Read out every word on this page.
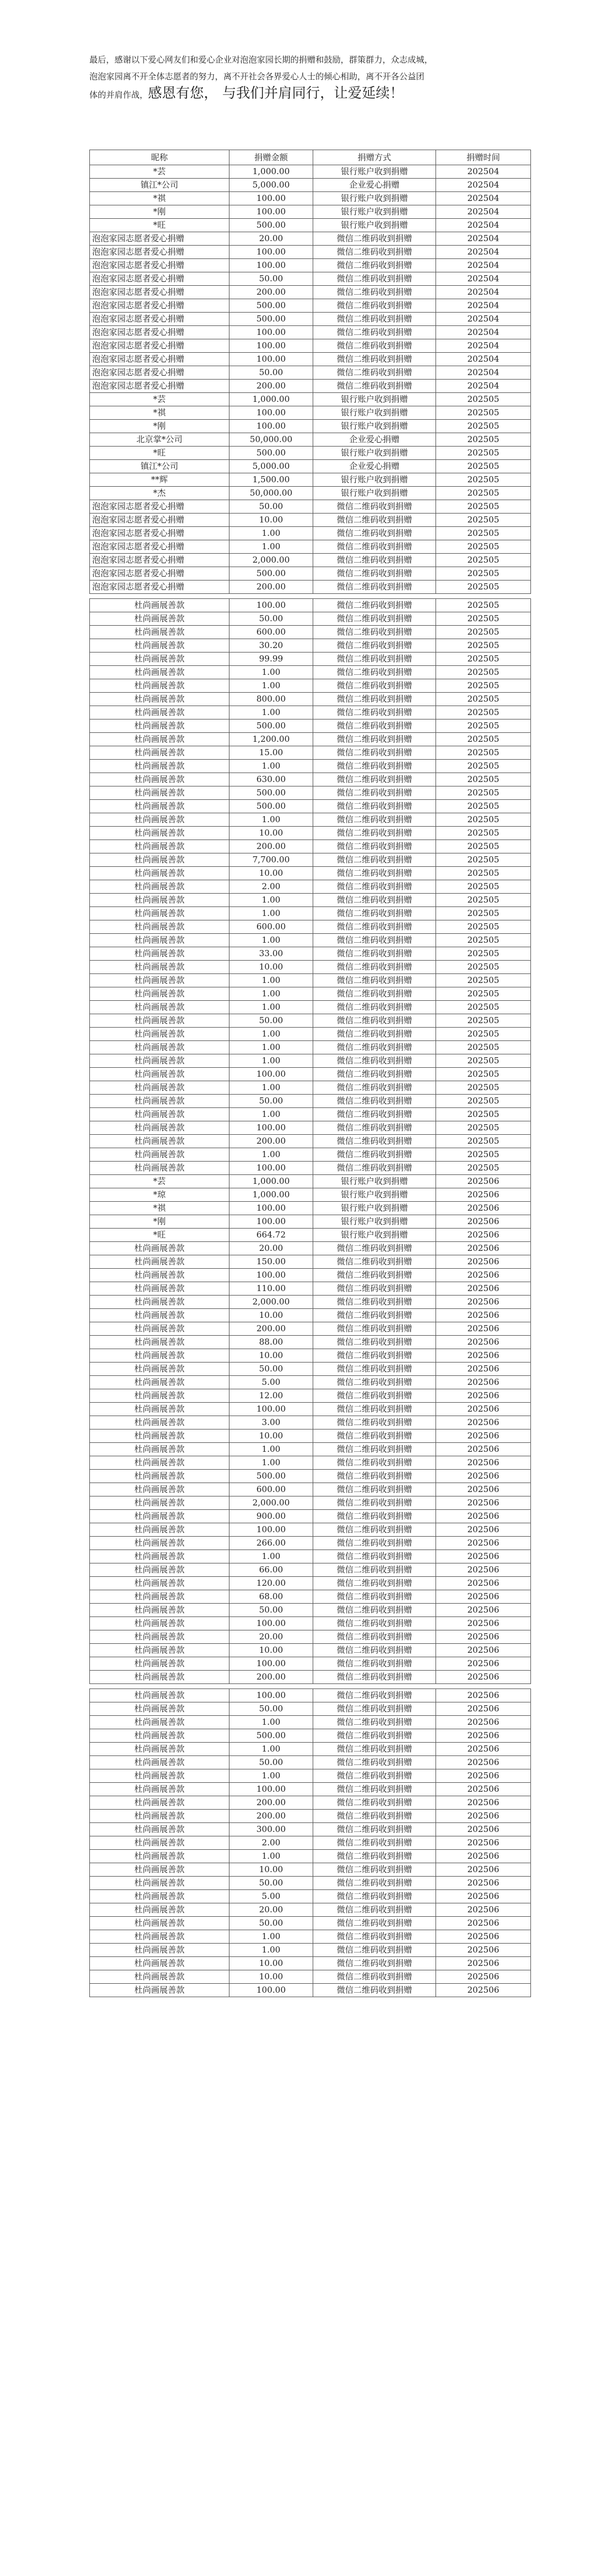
最后，感谢以下爱心网友们和爱心企业对泡泡家园长期的捐赠和鼓励，群策群力，众志成城，
泡泡家园离不开全体志愿者的努力，离不开社会各界爱心人士的倾心相助，离不开各公益团
体的并肩作战，感恩有您， 与我们并肩同行，让爱延续！
昵称	捐赠金额	捐赠方式	捐赠时间
*芸	1,000.00	银行账户收到捐赠	202504
镇江*公司	5,000.00	企业爱心捐赠	202504
*祺	100.00	银行账户收到捐赠	202504
*刚	100.00	银行账户收到捐赠	202504
*旺	500.00	银行账户收到捐赠	202504
泡泡家园志愿者爱心捐赠	20.00	微信二维码收到捐赠	202504
泡泡家园志愿者爱心捐赠	100.00	微信二维码收到捐赠	202504
泡泡家园志愿者爱心捐赠	100.00	微信二维码收到捐赠	202504
泡泡家园志愿者爱心捐赠	50.00	微信二维码收到捐赠	202504
泡泡家园志愿者爱心捐赠	200.00	微信二维码收到捐赠	202504
泡泡家园志愿者爱心捐赠	500.00	微信二维码收到捐赠	202504
泡泡家园志愿者爱心捐赠	500.00	微信二维码收到捐赠	202504
泡泡家园志愿者爱心捐赠	100.00	微信二维码收到捐赠	202504
泡泡家园志愿者爱心捐赠	100.00	微信二维码收到捐赠	202504
泡泡家园志愿者爱心捐赠	100.00	微信二维码收到捐赠	202504
泡泡家园志愿者爱心捐赠	50.00	微信二维码收到捐赠	202504
泡泡家园志愿者爱心捐赠	200.00	微信二维码收到捐赠	202504
*芸	1,000.00	银行账户收到捐赠	202505
*祺	100.00	银行账户收到捐赠	202505
*刚	100.00	银行账户收到捐赠	202505
北京掌*公司	50,000.00	企业爱心捐赠	202505
*旺	500.00	银行账户收到捐赠	202505
镇江*公司	5,000.00	企业爱心捐赠	202505
**辉	1,500.00	银行账户收到捐赠	202505
*杰	50,000.00	银行账户收到捐赠	202505
泡泡家园志愿者爱心捐赠	50.00	微信二维码收到捐赠	202505
泡泡家园志愿者爱心捐赠	10.00	微信二维码收到捐赠	202505
泡泡家园志愿者爱心捐赠	1.00	微信二维码收到捐赠	202505
泡泡家园志愿者爱心捐赠	1.00	微信二维码收到捐赠	202505
泡泡家园志愿者爱心捐赠	2,000.00	微信二维码收到捐赠	202505
泡泡家园志愿者爱心捐赠	500.00	微信二维码收到捐赠	202505
泡泡家园志愿者爱心捐赠	200.00	微信二维码收到捐赠	202505

杜尚画展善款	100.00	微信二维码收到捐赠	202505
杜尚画展善款	50.00	微信二维码收到捐赠	202505
杜尚画展善款	600.00	微信二维码收到捐赠	202505
杜尚画展善款	30.20	微信二维码收到捐赠	202505
杜尚画展善款	99.99	微信二维码收到捐赠	202505
杜尚画展善款	1.00	微信二维码收到捐赠	202505
杜尚画展善款	1.00	微信二维码收到捐赠	202505
杜尚画展善款	800.00	微信二维码收到捐赠	202505
杜尚画展善款	1.00	微信二维码收到捐赠	202505
杜尚画展善款	500.00	微信二维码收到捐赠	202505
杜尚画展善款	1,200.00	微信二维码收到捐赠	202505
杜尚画展善款	15.00	微信二维码收到捐赠	202505
杜尚画展善款	1.00	微信二维码收到捐赠	202505
杜尚画展善款	630.00	微信二维码收到捐赠	202505
杜尚画展善款	500.00	微信二维码收到捐赠	202505
杜尚画展善款	500.00	微信二维码收到捐赠	202505
杜尚画展善款	1.00	微信二维码收到捐赠	202505
杜尚画展善款	10.00	微信二维码收到捐赠	202505
杜尚画展善款	200.00	微信二维码收到捐赠	202505
杜尚画展善款	7,700.00	微信二维码收到捐赠	202505
杜尚画展善款	10.00	微信二维码收到捐赠	202505
杜尚画展善款	2.00	微信二维码收到捐赠	202505
杜尚画展善款	1.00	微信二维码收到捐赠	202505
杜尚画展善款	1.00	微信二维码收到捐赠	202505
杜尚画展善款	600.00	微信二维码收到捐赠	202505
杜尚画展善款	1.00	微信二维码收到捐赠	202505
杜尚画展善款	33.00	微信二维码收到捐赠	202505
杜尚画展善款	10.00	微信二维码收到捐赠	202505
杜尚画展善款	1.00	微信二维码收到捐赠	202505
杜尚画展善款	1.00	微信二维码收到捐赠	202505
杜尚画展善款	1.00	微信二维码收到捐赠	202505
杜尚画展善款	50.00	微信二维码收到捐赠	202505
杜尚画展善款	1.00	微信二维码收到捐赠	202505
杜尚画展善款	1.00	微信二维码收到捐赠	202505
杜尚画展善款	1.00	微信二维码收到捐赠	202505
杜尚画展善款	100.00	微信二维码收到捐赠	202505
杜尚画展善款	1.00	微信二维码收到捐赠	202505
杜尚画展善款	50.00	微信二维码收到捐赠	202505
杜尚画展善款	1.00	微信二维码收到捐赠	202505
杜尚画展善款	100.00	微信二维码收到捐赠	202505
杜尚画展善款	200.00	微信二维码收到捐赠	202505
杜尚画展善款	1.00	微信二维码收到捐赠	202505
杜尚画展善款	100.00	微信二维码收到捐赠	202505
*芸	1,000.00	银行账户收到捐赠	202506
*琼	1,000.00	银行账户收到捐赠	202506
*祺	100.00	银行账户收到捐赠	202506
*刚	100.00	银行账户收到捐赠	202506
*旺	664.72	银行账户收到捐赠	202506
杜尚画展善款	20.00	微信二维码收到捐赠	202506
杜尚画展善款	150.00	微信二维码收到捐赠	202506
杜尚画展善款	100.00	微信二维码收到捐赠	202506
杜尚画展善款	110.00	微信二维码收到捐赠	202506
杜尚画展善款	2,000.00	微信二维码收到捐赠	202506
杜尚画展善款	10.00	微信二维码收到捐赠	202506
杜尚画展善款	200.00	微信二维码收到捐赠	202506
杜尚画展善款	88.00	微信二维码收到捐赠	202506
杜尚画展善款	10.00	微信二维码收到捐赠	202506
杜尚画展善款	50.00	微信二维码收到捐赠	202506
杜尚画展善款	5.00	微信二维码收到捐赠	202506
杜尚画展善款	12.00	微信二维码收到捐赠	202506
杜尚画展善款	100.00	微信二维码收到捐赠	202506
杜尚画展善款	3.00	微信二维码收到捐赠	202506
杜尚画展善款	10.00	微信二维码收到捐赠	202506
杜尚画展善款	1.00	微信二维码收到捐赠	202506
杜尚画展善款	1.00	微信二维码收到捐赠	202506
杜尚画展善款	500.00	微信二维码收到捐赠	202506
杜尚画展善款	600.00	微信二维码收到捐赠	202506
杜尚画展善款	2,000.00	微信二维码收到捐赠	202506
杜尚画展善款	900.00	微信二维码收到捐赠	202506
杜尚画展善款	100.00	微信二维码收到捐赠	202506
杜尚画展善款	266.00	微信二维码收到捐赠	202506
杜尚画展善款	1.00	微信二维码收到捐赠	202506
杜尚画展善款	66.00	微信二维码收到捐赠	202506
杜尚画展善款	120.00	微信二维码收到捐赠	202506
杜尚画展善款	68.00	微信二维码收到捐赠	202506
杜尚画展善款	50.00	微信二维码收到捐赠	202506
杜尚画展善款	100.00	微信二维码收到捐赠	202506
杜尚画展善款	20.00	微信二维码收到捐赠	202506
杜尚画展善款	10.00	微信二维码收到捐赠	202506
杜尚画展善款	100.00	微信二维码收到捐赠	202506
杜尚画展善款	200.00	微信二维码收到捐赠	202506

杜尚画展善款	100.00	微信二维码收到捐赠	202506
杜尚画展善款	50.00	微信二维码收到捐赠	202506
杜尚画展善款	1.00	微信二维码收到捐赠	202506
杜尚画展善款	500.00	微信二维码收到捐赠	202506
杜尚画展善款	1.00	微信二维码收到捐赠	202506
杜尚画展善款	50.00	微信二维码收到捐赠	202506
杜尚画展善款	1.00	微信二维码收到捐赠	202506
杜尚画展善款	100.00	微信二维码收到捐赠	202506
杜尚画展善款	200.00	微信二维码收到捐赠	202506
杜尚画展善款	200.00	微信二维码收到捐赠	202506
杜尚画展善款	300.00	微信二维码收到捐赠	202506
杜尚画展善款	2.00	微信二维码收到捐赠	202506
杜尚画展善款	1.00	微信二维码收到捐赠	202506
杜尚画展善款	10.00	微信二维码收到捐赠	202506
杜尚画展善款	50.00	微信二维码收到捐赠	202506
杜尚画展善款	5.00	微信二维码收到捐赠	202506
杜尚画展善款	20.00	微信二维码收到捐赠	202506
杜尚画展善款	50.00	微信二维码收到捐赠	202506
杜尚画展善款	1.00	微信二维码收到捐赠	202506
杜尚画展善款	1.00	微信二维码收到捐赠	202506
杜尚画展善款	10.00	微信二维码收到捐赠	202506
杜尚画展善款	10.00	微信二维码收到捐赠	202506
杜尚画展善款	100.00	微信二维码收到捐赠	202506
